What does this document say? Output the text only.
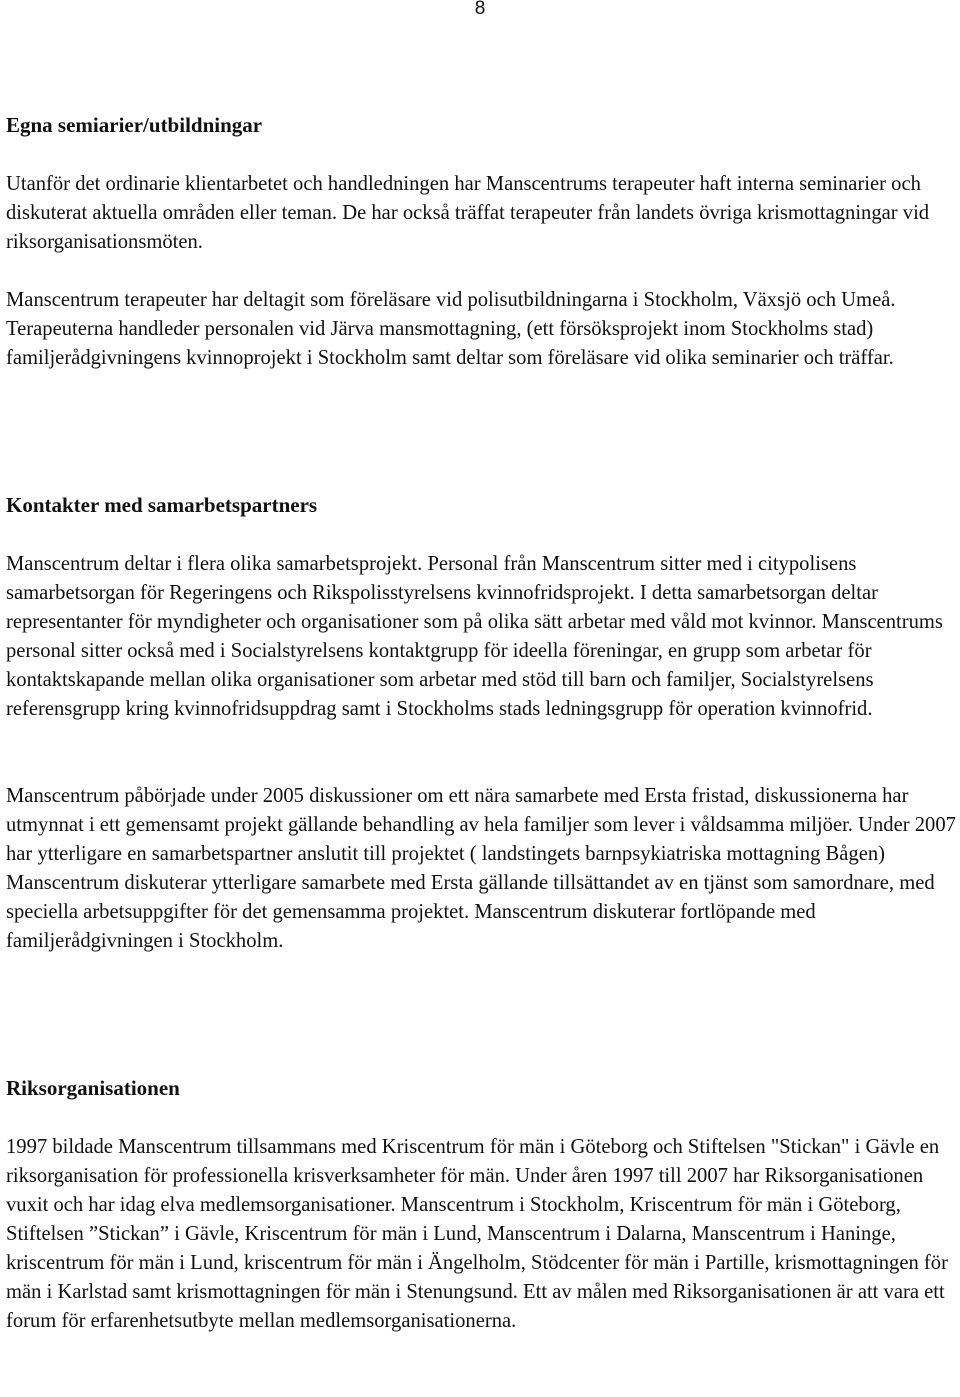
8
Egna semiarier/utbildningar

Utanför det ordinarie klientarbetet och handledningen har Manscentrums terapeuter haft interna seminarier och diskuterat aktuella områden eller teman. De har också träffat terapeuter från landets övriga krismottagningar vid riksorganisationsmöten.

Manscentrum terapeuter har deltagit som föreläsare vid polisutbildningarna i Stockholm, Växsjö och Umeå. Terapeuterna handleder personalen vid Järva mansmottagning, (ett försöksprojekt inom Stockholms stad) familjerådgivningens kvinnoprojekt i Stockholm samt deltar som föreläsare vid olika seminarier och träffar.

Kontakter med samarbetspartners

Manscentrum deltar i flera olika samarbetsprojekt. Personal från Manscentrum sitter med i citypolisens samarbetsorgan för Regeringens och Rikspolisstyrelsens kvinnofridsprojekt. I detta samarbetsorgan deltar representanter för myndigheter och organisationer som på olika sätt arbetar med våld mot kvinnor. Manscentrums personal sitter också med i Socialstyrelsens kontaktgrupp för ideella föreningar, en grupp som arbetar för kontaktskapande mellan olika organisationer som arbetar med stöd till barn och familjer, Socialstyrelsens referensgrupp kring kvinnofridsuppdrag samt i Stockholms stads ledningsgrupp för operation kvinnofrid.

Manscentrum påbörjade under 2005 diskussioner om ett nära samarbete med Ersta fristad, diskussionerna har utmynnat i ett gemensamt projekt gällande behandling av hela familjer som lever i våldsamma miljöer. Under 2007 har ytterligare en samarbetspartner anslutit till projektet ( landstingets barnpsykiatriska mottagning Bågen) Manscentrum diskuterar ytterligare samarbete med Ersta gällande tillsättandet av en tjänst som samordnare, med speciella arbetsuppgifter för det gemensamma projektet. Manscentrum diskuterar fortlöpande med familjerådgivningen i Stockholm.

Riksorganisationen

1997 bildade Manscentrum tillsammans med Kriscentrum för män i Göteborg och Stiftelsen "Stickan" i Gävle en riksorganisation för professionella krisverksamheter för män. Under åren 1997 till 2007 har Riksorganisationen vuxit och har idag elva medlemsorganisationer. Manscentrum i Stockholm, Kriscentrum för män i Göteborg, Stiftelsen ”Stickan” i Gävle, Kriscentrum för män i Lund, Manscentrum i Dalarna, Manscentrum i Haninge, kriscentrum för män i Lund, kriscentrum för män i Ängelholm, Stödcenter för män i Partille, krismottagningen för män i Karlstad samt krismottagningen för män i Stenungsund. Ett av målen med Riksorganisationen är att vara ett forum för erfarenhetsutbyte mellan medlemsorganisationerna.
